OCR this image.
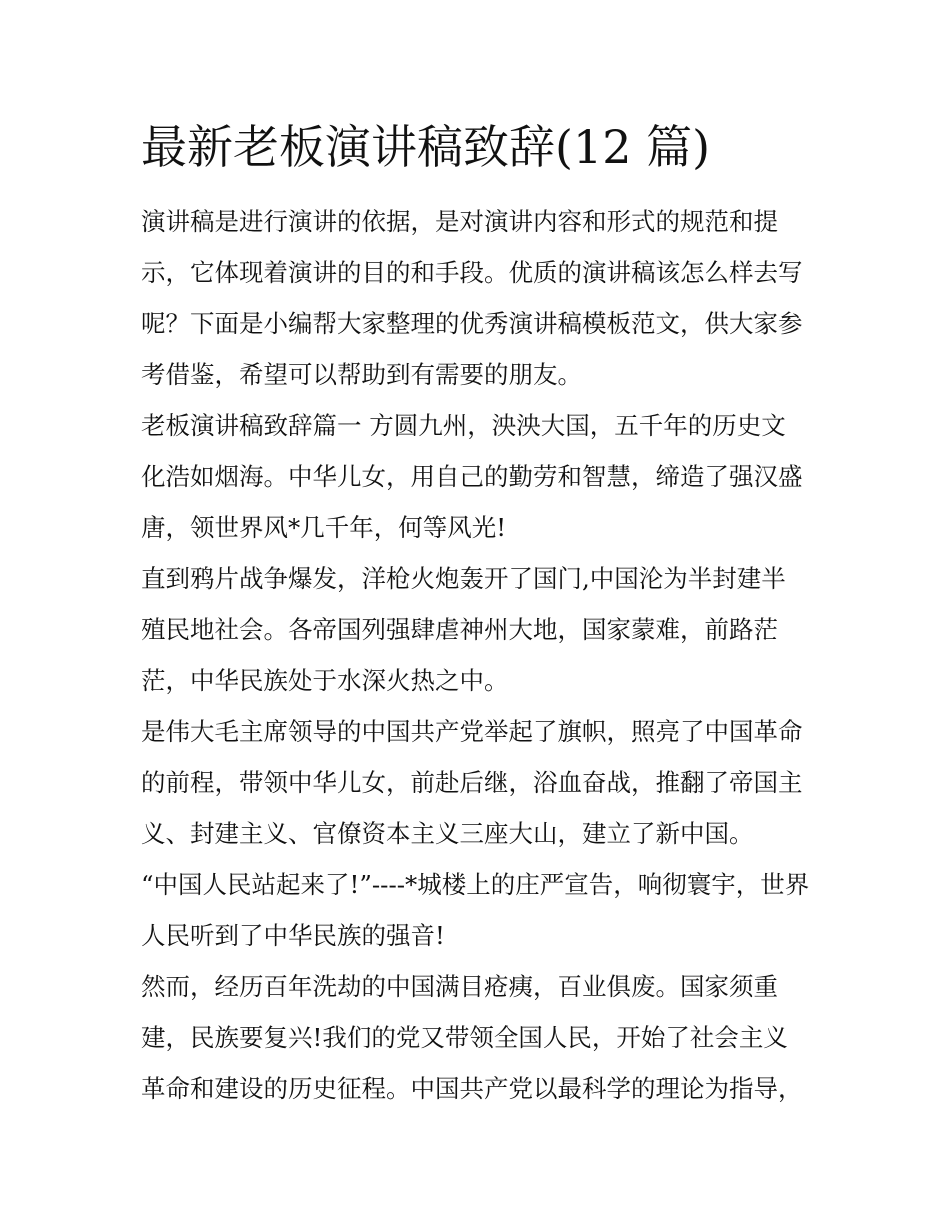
最新老板演讲稿致辞(12 篇)
演讲稿是进行演讲的依据，是对演讲内容和形式的规范和提
示，它体现着演讲的目的和手段。优质的演讲稿该怎么样去写
呢？下面是小编帮大家整理的优秀演讲稿模板范文，供大家参
考借鉴，希望可以帮助到有需要的朋友。
老板演讲稿致辞篇一 方圆九州，泱泱大国，五千年的历史文
化浩如烟海。中华儿女，用自己的勤劳和智慧，缔造了强汉盛
唐，领世界风*几千年，何等风光!
直到鸦片战争爆发，洋枪火炮轰开了国门,中国沦为半封建半
殖民地社会。各帝国列强肆虐神州大地，国家蒙难，前路茫
茫，中华民族处于水深火热之中。
是伟大毛主席领导的中国共产党举起了旗帜，照亮了中国革命
的前程，带领中华儿女，前赴后继，浴血奋战，推翻了帝国主
义、封建主义、官僚资本主义三座大山，建立了新中国。
“中国人民站起来了!”----*城楼上的庄严宣告，响彻寰宇，世界
人民听到了中华民族的强音!
然而，经历百年洗劫的中国满目疮痍，百业俱废。国家须重
建，民族要复兴!我们的党又带领全国人民，开始了社会主义
革命和建设的历史征程。中国共产党以最科学的理论为指导，
